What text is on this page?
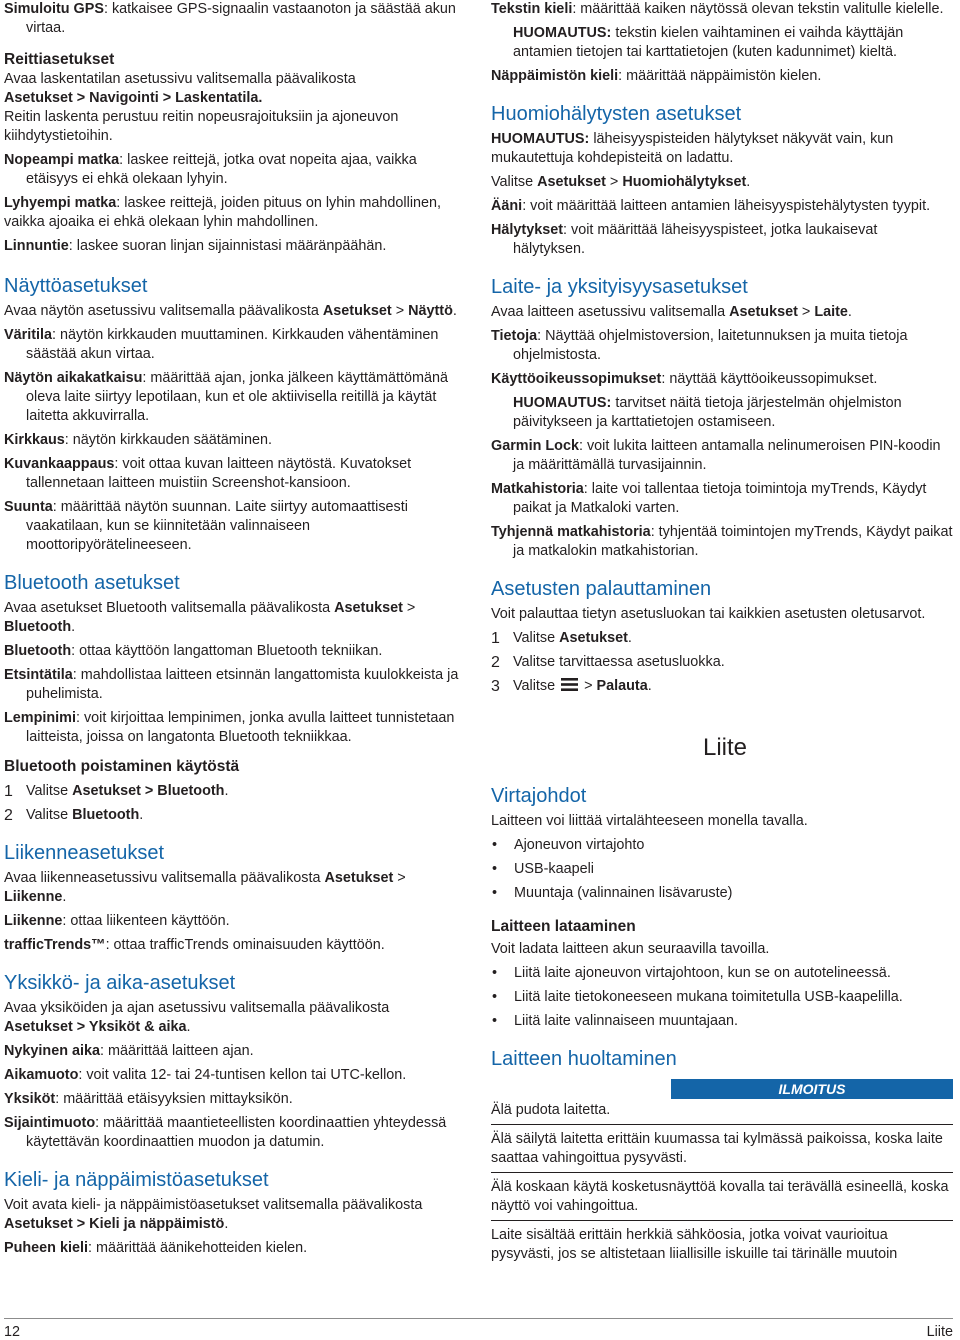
Simuloitu GPS: katkaisee GPS-signaalin vastaanoton ja säästää akun virtaa.

Reittiasetukset

Avaa laskentatilan asetussivu valitsemalla päävalikosta
Asetukset > Navigointi > Laskentatila.

Reitin laskenta perustuu reitin nopeusrajoituksiin ja ajoneuvon kiihdytystietoihin.

Nopeampi matka: laskee reittejä, jotka ovat nopeita ajaa, vaikka etäisyys ei ehkä olekaan lyhyin.

Lyhyempi matka: laskee reittejä, joiden pituus on lyhin mahdollinen, vaikka ajoaika ei ehkä olekaan lyhin mahdollinen.

Linnuntie: laskee suoran linjan sijainnistasi määränpäähän.

Näyttöasetukset

Avaa näytön asetussivu valitsemalla päävalikosta Asetukset > Näyttö.

Väritila: näytön kirkkauden muuttaminen. Kirkkauden vähentäminen säästää akun virtaa.

Näytön aikakatkaisu: määrittää ajan, jonka jälkeen käyttämättömänä oleva laite siirtyy lepotilaan, kun et ole aktiivisella reitillä ja käytät laitetta akkuvirralla.

Kirkkaus: näytön kirkkauden säätäminen.

Kuvankaappaus: voit ottaa kuvan laitteen näytöstä. Kuvatokset tallennetaan laitteen muistiin Screenshot-kansioon.

Suunta: määrittää näytön suunnan. Laite siirtyy automaattisesti vaakatilaan, kun se kiinnitetään valinnaiseen moottoripyörätelineeseen.

Bluetooth asetukset

Avaa asetukset Bluetooth valitsemalla päävalikosta Asetukset > Bluetooth.

Bluetooth: ottaa käyttöön langattoman Bluetooth tekniikan.

Etsintätila: mahdollistaa laitteen etsinnän langattomista kuulokkeista ja puhelimista.

Lempinimi: voit kirjoittaa lempinimen, jonka avulla laitteet tunnistetaan laitteista, joissa on langatonta Bluetooth tekniikkaa.

Bluetooth poistaminen käytöstä
1 Valitse Asetukset > Bluetooth.
2 Valitse Bluetooth.
Liikenneasetukset

Avaa liikenneasetussivu valitsemalla päävalikosta Asetukset > Liikenne.

Liikenne: ottaa liikenteen käyttöön.

trafficTrends™: ottaa trafficTrends ominaisuuden käyttöön.

Yksikkö- ja aika-asetukset

Avaa yksiköiden ja ajan asetussivu valitsemalla päävalikosta Asetukset > Yksiköt & aika.

Nykyinen aika: määrittää laitteen ajan.

Aikamuoto: voit valita 12- tai 24-tuntisen kellon tai UTC-kellon.

Yksiköt: määrittää etäisyyksien mittayksikön.

Sijaintimuoto: määrittää maantieteellisten koordinaattien yhteydessä käytettävän koordinaattien muodon ja datumin.

Kieli- ja näppäimistöasetukset

Voit avata kieli- ja näppäimistöasetukset valitsemalla päävalikosta Asetukset > Kieli ja näppäimistö.

Puheen kieli: määrittää äänikehotteiden kielen.

Tekstin kieli: määrittää kaiken näytössä olevan tekstin valitulle kielelle.

HUOMAUTUS: tekstin kielen vaihtaminen ei vaihda käyttäjän antamien tietojen tai karttatietojen (kuten kadunnimet) kieltä.

Näppäimistön kieli: määrittää näppäimistön kielen.

Huomiohälytysten asetukset

HUOMAUTUS: läheisyyspisteiden hälytykset näkyvät vain, kun mukautettuja kohdepisteitä on ladattu.

Valitse Asetukset > Huomiohälytykset.

Ääni: voit määrittää laitteen antamien läheisyyspistehälytysten tyypit.

Hälytykset: voit määrittää läheisyyspisteet, jotka laukaisevat hälytyksen.

Laite- ja yksityisyysasetukset

Avaa laitteen asetussivu valitsemalla Asetukset > Laite.

Tietoja: Näyttää ohjelmistoversion, laitetunnuksen ja muita tietoja ohjelmistosta.

Käyttöoikeussopimukset: näyttää käyttöoikeussopimukset.

HUOMAUTUS: tarvitset näitä tietoja järjestelmän ohjelmiston päivitykseen ja karttatietojen ostamiseen.

Garmin Lock: voit lukita laitteen antamalla nelinumeroisen PIN-koodin ja määrittämällä turvasijainnin.

Matkahistoria: laite voi tallentaa tietoja toimintoja myTrends, Käydyt paikat ja Matkaloki varten.

Tyhjennä matkahistoria: tyhjentää toimintojen myTrends, Käydyt paikat ja matkalokin matkahistorian.

Asetusten palauttaminen

Voit palauttaa tietyn asetusluokan tai kaikkien asetusten oletusarvot.

1 Valitse Asetukset.
2 Valitse tarvittaessa asetusluokka.
3 Valitse  > Palauta.
Liite
Virtajohdot

Laitteen voi liittää virtalähteeseen monella tavalla.

•	Ajoneuvon virtajohto
•	USB-kaapeli
•	Muuntaja (valinnainen lisävaruste)
Laitteen lataaminen

Voit ladata laitteen akun seuraavilla tavoilla.

•	Liitä laite ajoneuvon virtajohtoon, kun se on autotelineessä.
•	Liitä laite tietokoneeseen mukana toimitetulla USB-kaapelilla.
•	Liitä laite valinnaiseen muuntajaan.
Laitteen huoltaminen
ILMOITUS

Älä pudota laitetta.

Älä säilytä laitetta erittäin kuumassa tai kylmässä paikoissa, koska laite saattaa vahingoittua pysyvästi.

Älä koskaan käytä kosketusnäyttöä kovalla tai terävällä esineellä, koska näyttö voi vahingoittua.

Laite sisältää erittäin herkkiä sähköosia, jotka voivat vaurioitua pysyvästi, jos se altistetaan liiallisille iskuille tai tärinälle muutoin

12	Liite
